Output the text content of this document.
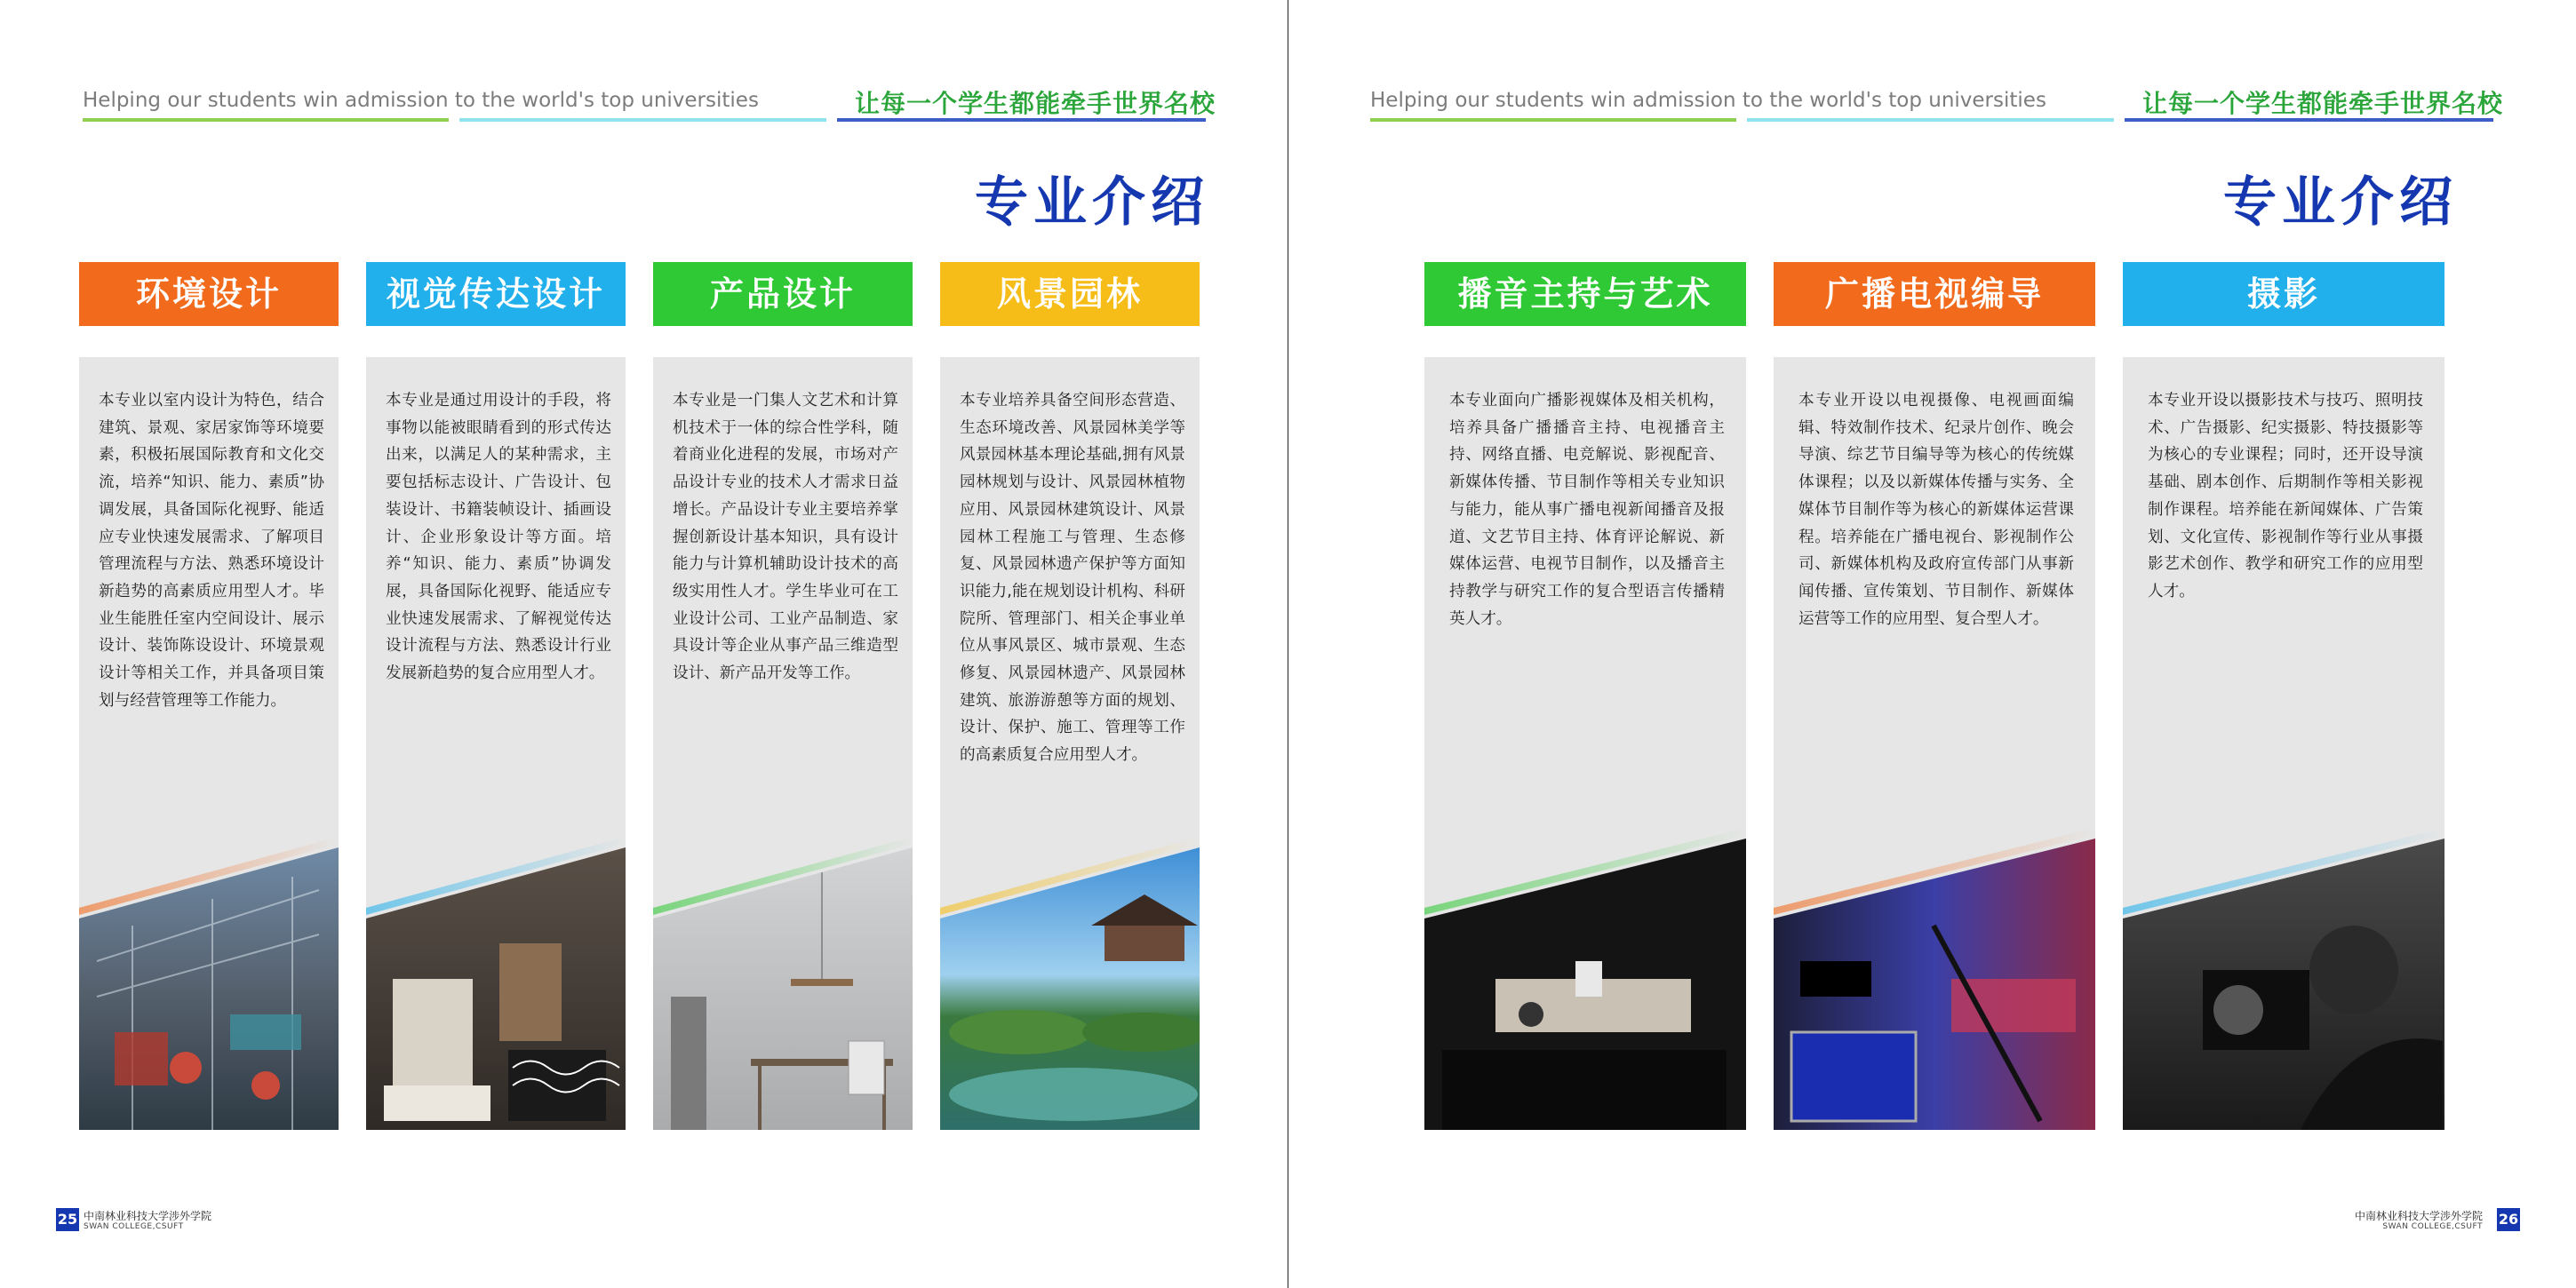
Helping our students win admission to the world's top universities	让每一个学生都能牵手世界名校
专业介绍
环境设计
本专业以室内设计为特色，结合建筑、景观、家居家饰等环境要素，积极拓展国际教育和文化交流，培养“知识、能力、素质”协调发展，具备国际化视野、能适应专业快速发展需求、了解项目管理流程与方法、熟悉环境设计新趋势的高素质应用型人才。毕业生能胜任室内空间设计、展示设计、装饰陈设设计、环境景观设计等相关工作，并具备项目策划与经营管理等工作能力。
视觉传达设计
本专业是通过用设计的手段，将事物以能被眼睛看到的形式传达出来，以满足人的某种需求，主要包括标志设计、广告设计、包装设计、书籍装帧设计、插画设计、企业形象设计等方面。培养“知识、能力、素质”协调发展，具备国际化视野、能适应专业快速发展需求、了解视觉传达设计流程与方法、熟悉设计行业发展新趋势的复合应用型人才。
产品设计
本专业是一门集人文艺术和计算机技术于一体的综合性学科，随着商业化进程的发展，市场对产品设计专业的技术人才需求日益增长。产品设计专业主要培养掌握创新设计基本知识，具有设计能力与计算机辅助设计技术的高级实用性人才。学生毕业可在工业设计公司、工业产品制造、家具设计等企业从事产品三维造型设计、新产品开发等工作。
风景园林
本专业培养具备空间形态营造、生态环境改善、风景园林美学等风景园林基本理论基础,拥有风景园林规划与设计、风景园林植物应用、风景园林建筑设计、风景园林工程施工与管理、生态修复、风景园林遗产保护等方面知识能力,能在规划设计机构、科研院所、管理部门、相关企事业单位从事风景区、城市景观、生态修复、风景园林遗产、风景园林建筑、旅游游憩等方面的规划、设计、保护、施工、管理等工作的高素质复合应用型人才。
25 中南林业科技大学涉外学院
SWAN COLLEGE,CSUFT
Helping our students win admission to the world's top universities	让每一个学生都能牵手世界名校
专业介绍
播音主持与艺术
本专业面向广播影视媒体及相关机构，培养具备广播播音主持、电视播音主持、网络直播、电竞解说、影视配音、新媒体传播、节目制作等相关专业知识与能力，能从事广播电视新闻播音及报道、文艺节目主持、体育评论解说、新媒体运营、电视节目制作，以及播音主持教学与研究工作的复合型语言传播精英人才。
广播电视编导
本专业开设以电视摄像、电视画面编辑、特效制作技术、纪录片创作、晚会导演、综艺节目编导等为核心的传统媒体课程；以及以新媒体传播与实务、全媒体节目制作等为核心的新媒体运营课程。培养能在广播电视台、影视制作公司、新媒体机构及政府宣传部门从事新闻传播、宣传策划、节目制作、新媒体运营等工作的应用型、复合型人才。
摄影
本专业开设以摄影技术与技巧、照明技术、广告摄影、纪实摄影、特技摄影等为核心的专业课程；同时，还开设导演基础、剧本创作、后期制作等相关影视制作课程。培养能在新闻媒体、广告策划、文化宣传、影视制作等行业从事摄影艺术创作、教学和研究工作的应用型人才。
中南林业科技大学涉外学院
SWAN COLLEGE,CSUFT 26
